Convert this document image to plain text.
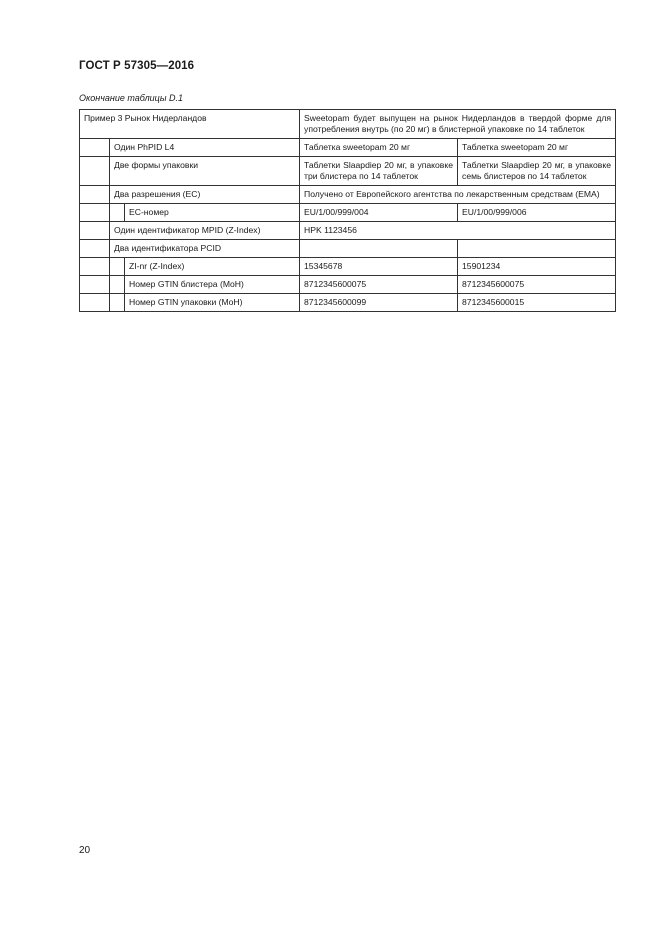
ГОСТ Р 57305—2016
Окончание таблицы D.1
Пример 3 Рынок Нидерландов			Sweetopam будет выпущен на рынок Нидерландов в твердой форме для употребления внутрь (по 20 мг) в блистерной упаковке по 14 таблеток	
	Один PhPID L4		Таблетка sweetopam 20 мг	Таблетка sweetopam 20 мг
	Две формы упаковки		Таблетки Slaapdiep 20 мг, в упаковке три блистера по 14 таблеток	Таблетки Slaapdiep 20 мг, в упаковке семь блистеров по 14 таблеток
	Два разрешения (ЕС)		Получено от Европейского агентства по лекарственным средствам (ЕМА)	
		ЕС-номер	EU/1/00/999/004	EU/1/00/999/006
	Один идентификатор MPID (Z-Index)		HPK 1123456	
	Два идентификатора PCID			
		ZI-nr (Z-Index)	15345678	15901234
		Номер GTIN блистера (MoH)	8712345600075	8712345600075
		Номер GTIN упаковки (MoH)	8712345600099	8712345600015
20
